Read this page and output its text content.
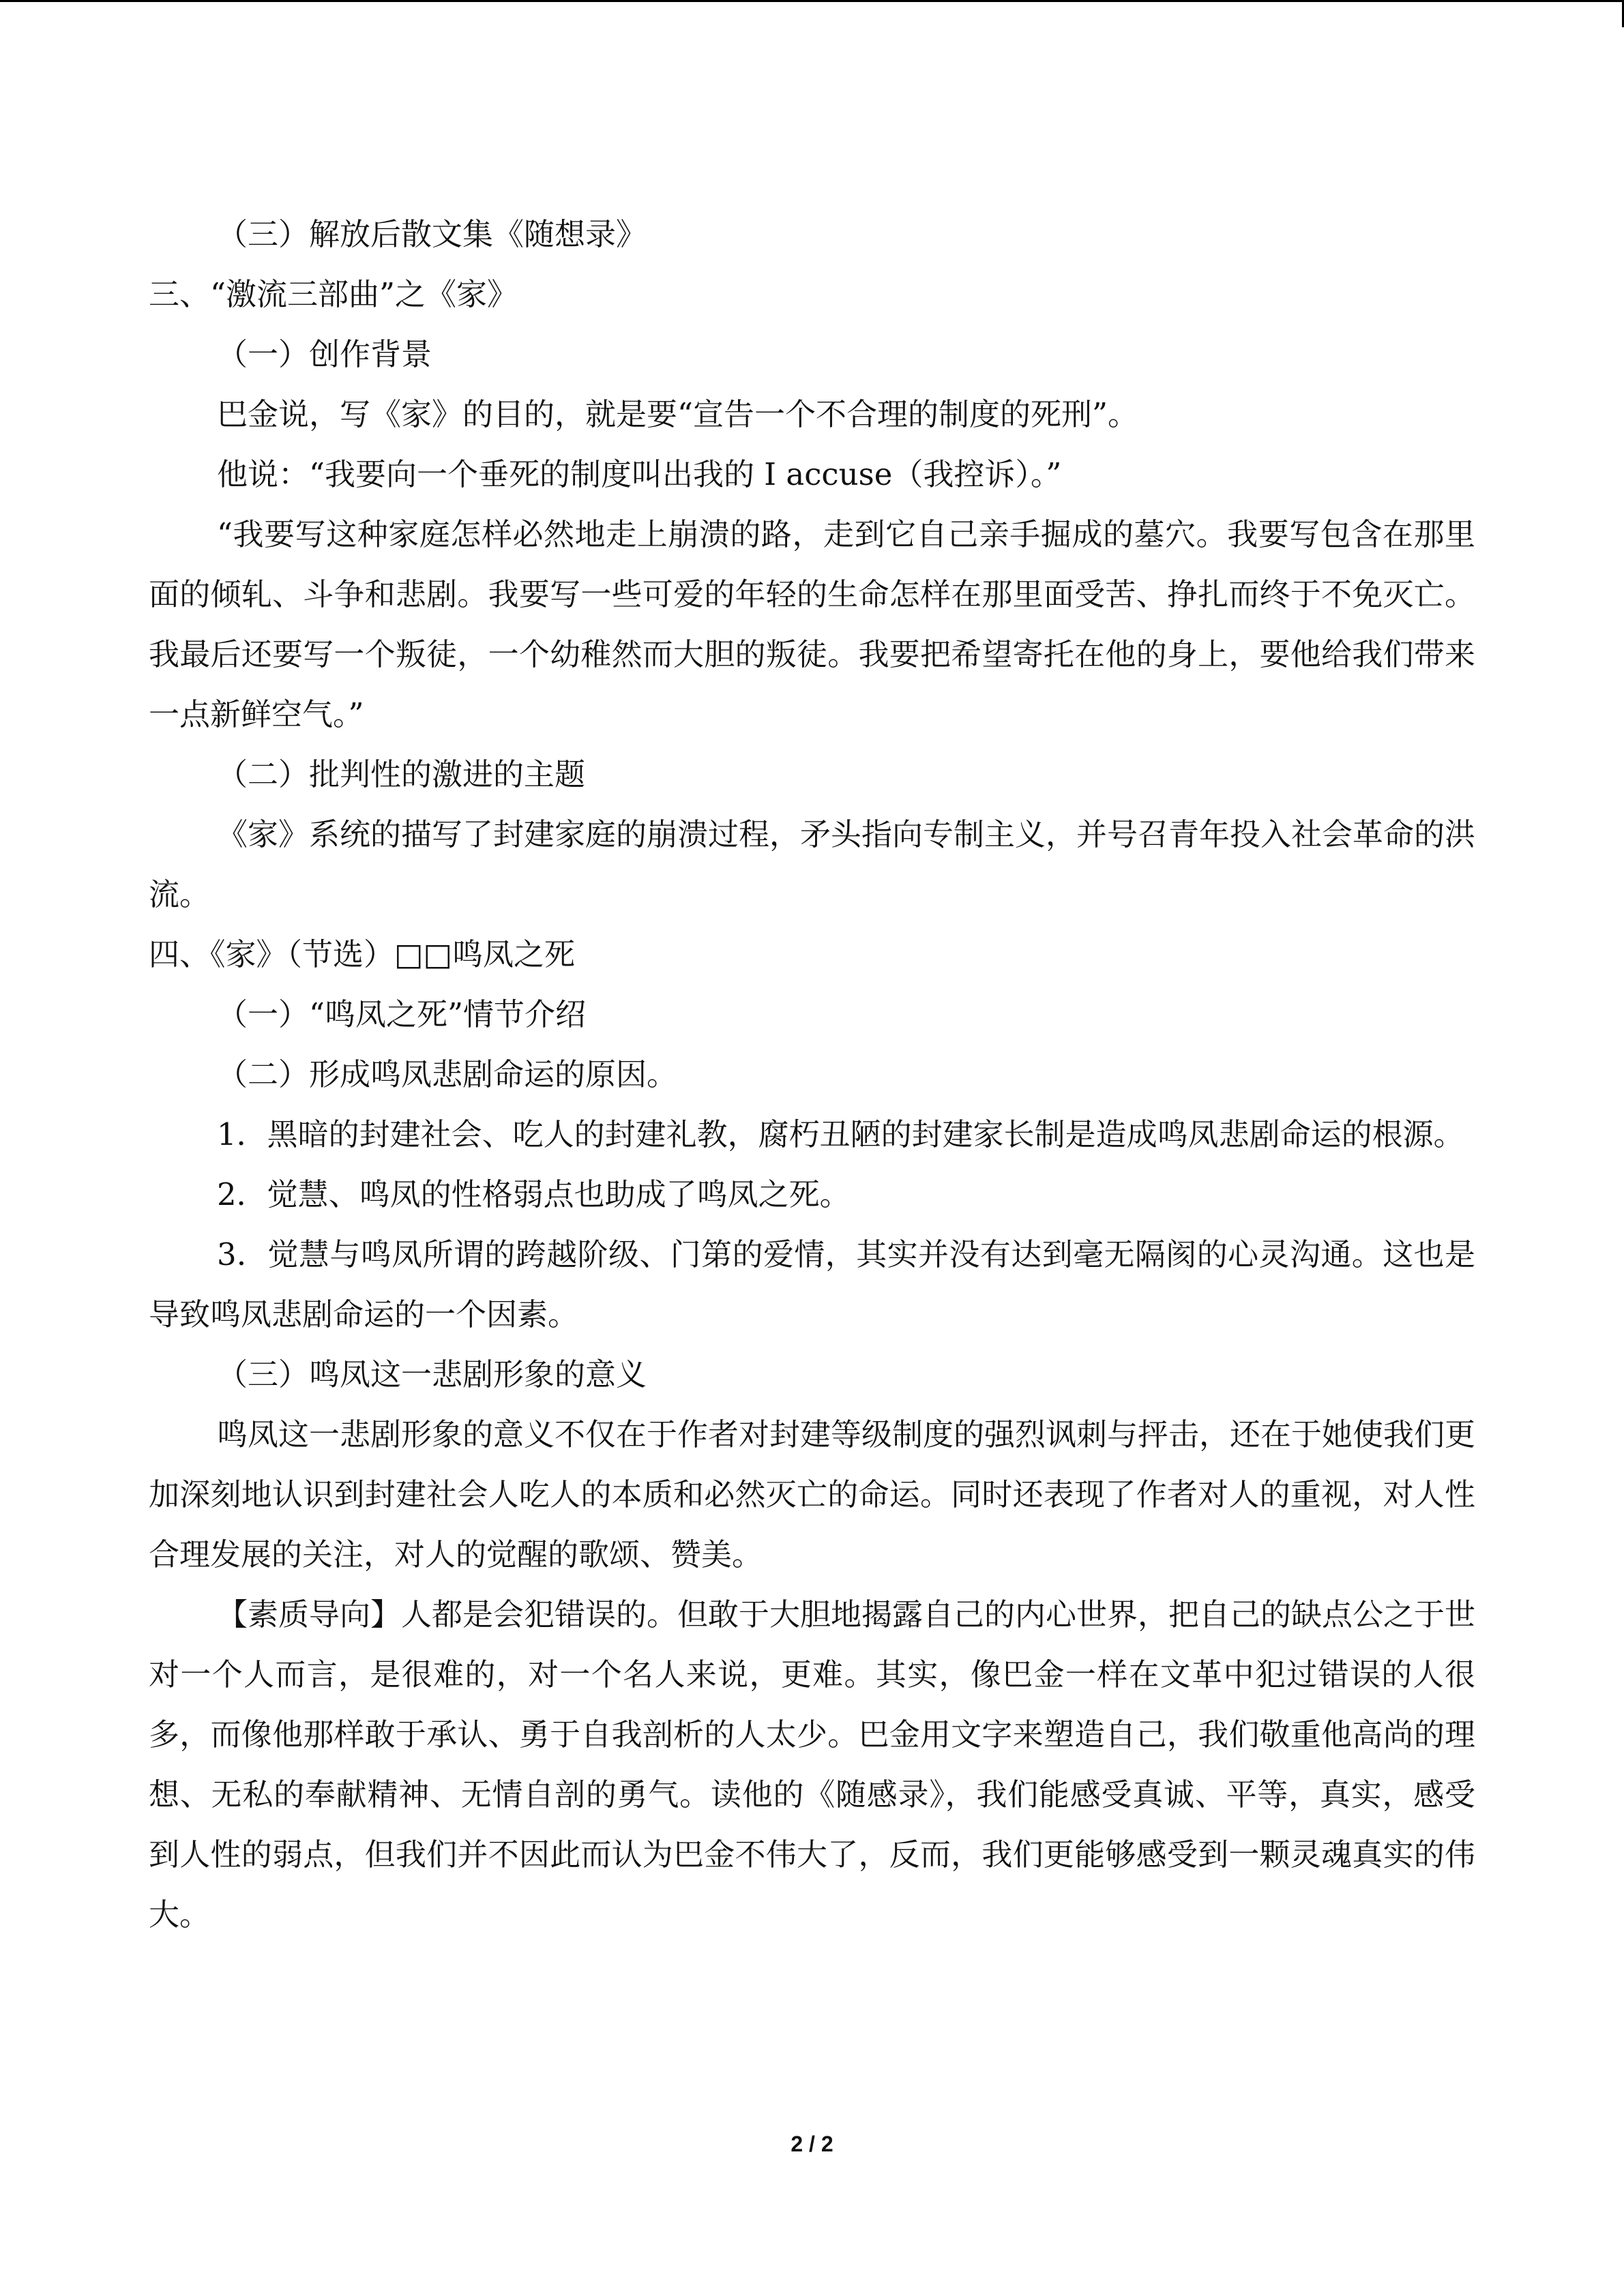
（三）解放后散文集《随想录》

三、“激流三部曲”之《家》

（一）创作背景

巴金说，写《家》的目的，就是要“宣告一个不合理的制度的死刑”。

他说：“我要向一个垂死的制度叫出我的 I accuse（我控诉）。”

“我要写这种家庭怎样必然地走上崩溃的路，走到它自己亲手掘成的墓穴。我要写包含在那里面的倾轧、斗争和悲剧。我要写一些可爱的年轻的生命怎样在那里面受苦、挣扎而终于不免灭亡。我最后还要写一个叛徒，一个幼稚然而大胆的叛徒。我要把希望寄托在他的身上，要他给我们带来一点新鲜空气。”

（二）批判性的激进的主题

《家》系统的描写了封建家庭的崩溃过程，矛头指向专制主义，并号召青年投入社会革命的洪流。

四、《家》（节选）□□鸣凤之死

（一）“鸣凤之死”情节介绍

（二）形成鸣凤悲剧命运的原因。

1．黑暗的封建社会、吃人的封建礼教，腐朽丑陋的封建家长制是造成鸣凤悲剧命运的根源。

2．觉慧、鸣凤的性格弱点也助成了鸣凤之死。

3．觉慧与鸣凤所谓的跨越阶级、门第的爱情，其实并没有达到毫无隔阂的心灵沟通。这也是导致鸣凤悲剧命运的一个因素。

（三）鸣凤这一悲剧形象的意义

鸣凤这一悲剧形象的意义不仅在于作者对封建等级制度的强烈讽刺与抨击，还在于她使我们更加深刻地认识到封建社会人吃人的本质和必然灭亡的命运。同时还表现了作者对人的重视，对人性合理发展的关注，对人的觉醒的歌颂、赞美。

【素质导向】人都是会犯错误的。但敢于大胆地揭露自己的内心世界，把自己的缺点公之于世对一个人而言，是很难的，对一个名人来说，更难。其实，像巴金一样在文革中犯过错误的人很多，而像他那样敢于承认、勇于自我剖析的人太少。巴金用文字来塑造自己，我们敬重他高尚的理想、无私的奉献精神、无情自剖的勇气。读他的《随感录》，我们能感受真诚、平等，真实，感受到人性的弱点，但我们并不因此而认为巴金不伟大了，反而，我们更能够感受到一颗灵魂真实的伟大。

2 / 2
